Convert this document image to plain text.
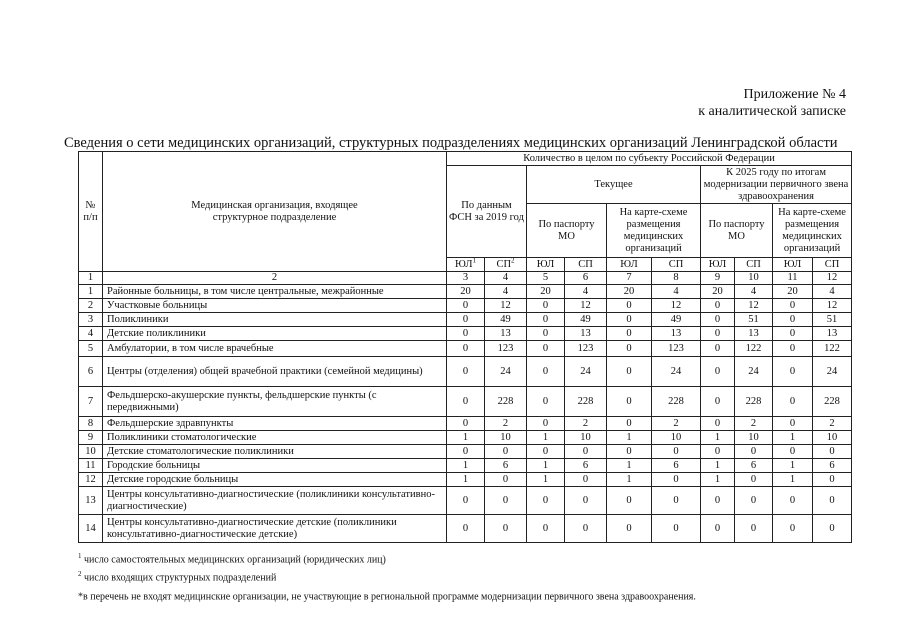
Приложение № 4
к аналитической записке
Сведения о сети медицинских организаций, структурных подразделениях медицинских организаций Ленинградской области
№
п/п	Медицинская организация, входящее структурное подразделение	Количество в целом по субъекту Российской Федерации									
		По данным ФСН за 2019 год		Текущее				К 2025 году по итогам модернизации первичного звена здравоохранения			
				По паспорту МО		На карте-схеме размещения медицинских организаций		По паспорту МО		На карте-схеме размещения медицинских организаций	
		$ЮЛ^1$	$СП^2$	ЮЛ	СП	ЮЛ	СП	ЮЛ	СП	ЮЛ	СП
1	2	3	4	5	6	7	8	9	10	11	12
1	Районные больницы, в том числе центральные, межрайонные	20	4	20	4	20	4	20	4	20	4
2	Участковые больницы	0	12	0	12	0	12	0	12	0	12
3	Поликлиники	0	49	0	49	0	49	0	51	0	51
4	Детские поликлиники	0	13	0	13	0	13	0	13	0	13
5	Амбулатории, в том числе врачебные	0	123	0	123	0	123	0	122	0	122
6	Центры (отделения) общей врачебной практики (семейной медицины)	0	24	0	24	0	24	0	24	0	24
7	Фельдшерско-акушерские пункты, фельдшерские пункты (с передвижными)	0	228	0	228	0	228	0	228	0	228
8	Фельдшерские здравпункты	0	2	0	2	0	2	0	2	0	2
9	Поликлиники стоматологические	1	10	1	10	1	10	1	10	1	10
10	Детские стоматологические поликлиники	0	0	0	0	0	0	0	0	0	0
11	Городские больницы	1	6	1	6	1	6	1	6	1	6
12	Детские городские больницы	1	0	1	0	1	0	1	0	1	0
13	Центры консультативно-диагностические (поликлиники консультативно-диагностические)	0	0	0	0	0	0	0	0	0	0
14	Центры консультативно-диагностические детские (поликлиники консультативно-диагностические детские)	0	0	0	0	0	0	0	0	0	0
$^1$ число самостоятельных медицинских организаций (юридических лиц)
$^2$ число входящих структурных подразделений
*в перечень не входят медицинские организации, не участвующие в региональной программе модернизации первичного звена здравоохранения.
